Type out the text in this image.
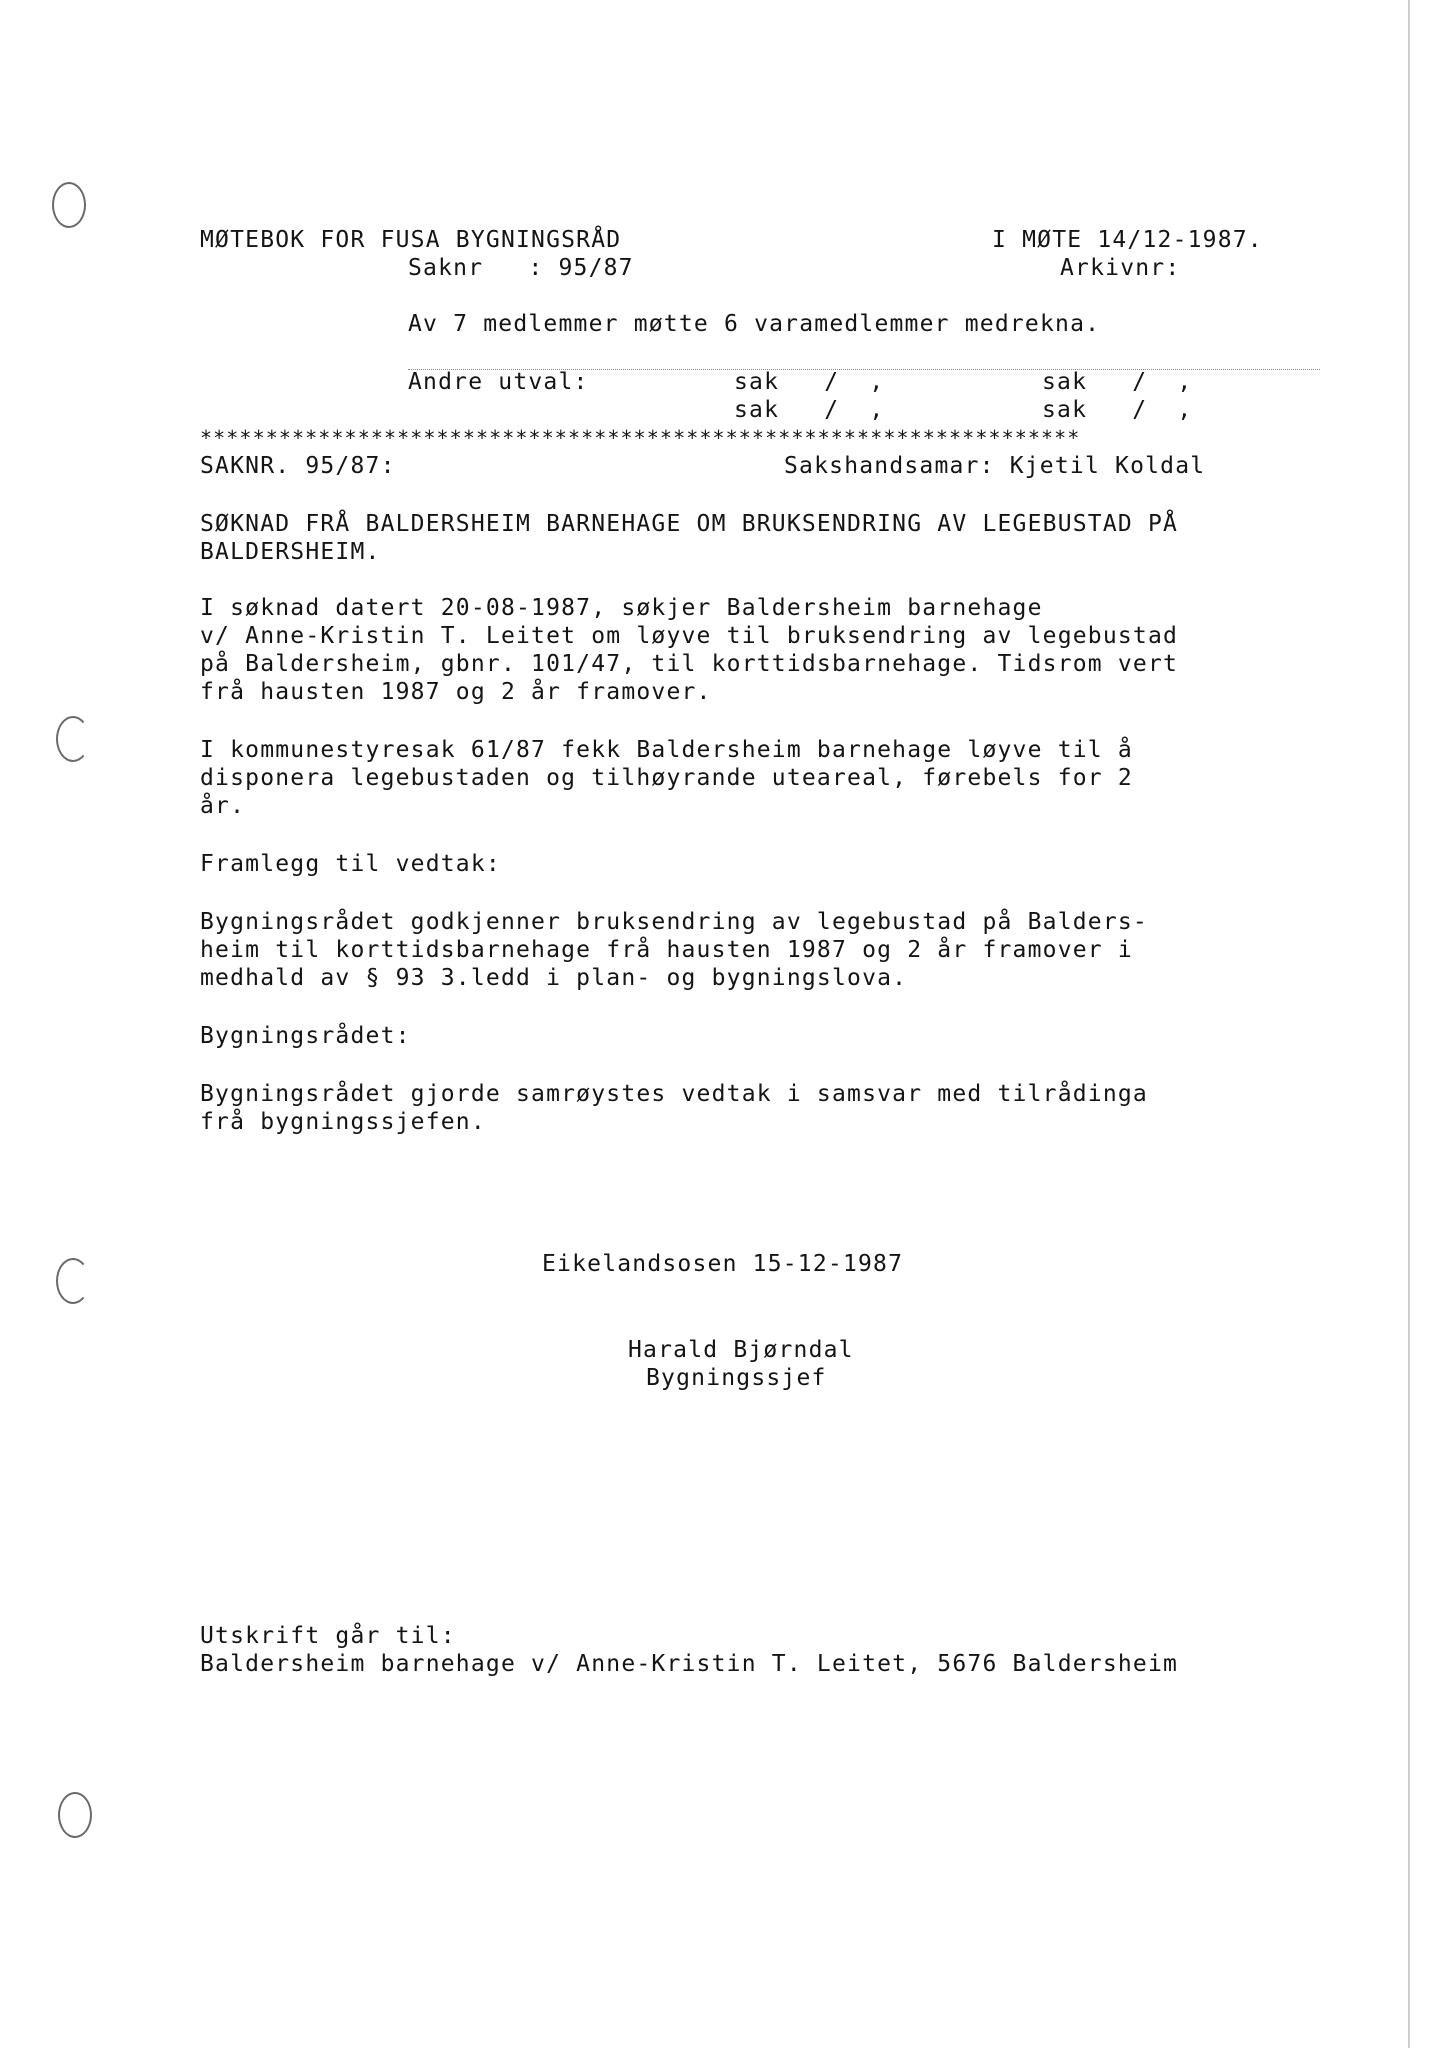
MØTEBOK FOR FUSA BYGNINGSRÅD	I MØTE 14/12-1987.
Saknr   : 95/87	Arkivnr:
Av 7 medlemmer møtte 6 varamedlemmer medrekna.
Andre utval:	sak   /  ,	sak   /  ,
sak   /  ,	sak   /  ,
*******************************************************************
SAKNR. 95/87:	Sakshandsamar: Kjetil Koldal
SØKNAD FRÅ BALDERSHEIM BARNEHAGE OM BRUKSENDRING AV LEGEBUSTAD PÅ
BALDERSHEIM.
I søknad datert 20-08-1987, søkjer Baldersheim barnehage
v/ Anne-Kristin T. Leitet om løyve til bruksendring av legebustad
på Baldersheim, gbnr. 101/47, til korttidsbarnehage. Tidsrom vert
frå hausten 1987 og 2 år framover.
I kommunestyresak 61/87 fekk Baldersheim barnehage løyve til å
disponera legebustaden og tilhøyrande uteareal, førebels for 2
år.
Framlegg til vedtak:
Bygningsrådet godkjenner bruksendring av legebustad på Balders-
heim til korttidsbarnehage frå hausten 1987 og 2 år framover i
medhald av § 93 3.ledd i plan- og bygningslova.
Bygningsrådet:
Bygningsrådet gjorde samrøystes vedtak i samsvar med tilrådinga
frå bygningssjefen.
Eikelandsosen 15-12-1987
Harald Bjørndal
Bygningssjef
Utskrift går til:
Baldersheim barnehage v/ Anne-Kristin T. Leitet, 5676 Baldersheim
